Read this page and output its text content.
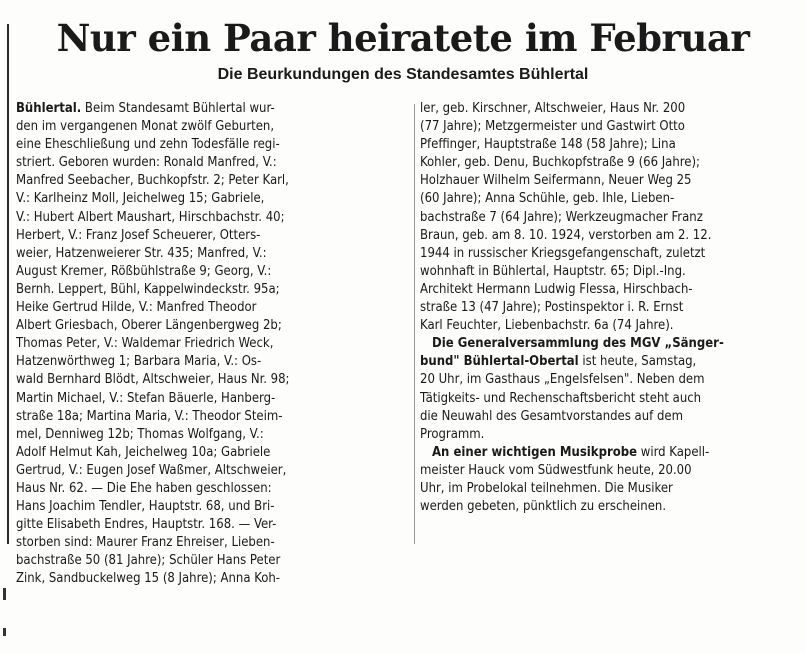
Nur ein Paar heiratete im Februar
Die Beurkundungen des Standesamtes Bühlertal
Bühlertal. Beim Standesamt Bühlertal wur-
den im vergangenen Monat zwölf Geburten,
eine Eheschließung und zehn Todesfälle regi-
striert. Geboren wurden: Ronald Manfred, V.:
Manfred Seebacher, Buchkopfstr. 2; Peter Karl,
V.: Karlheinz Moll, Jeichelweg 15; Gabriele,
V.: Hubert Albert Maushart, Hirschbachstr. 40;
Herbert, V.: Franz Josef Scheuerer, Otters-
weier, Hatzenweierer Str. 435; Manfred, V.:
August Kremer, Rößbühlstraße 9; Georg, V.:
Bernh. Leppert, Bühl, Kappelwindeckstr. 95a;
Heike Gertrud Hilde, V.: Manfred Theodor
Albert Griesbach, Oberer Längenbergweg 2b;
Thomas Peter, V.: Waldemar Friedrich Weck,
Hatzenwörthweg 1; Barbara Maria, V.: Os-
wald Bernhard Blödt, Altschweier, Haus Nr. 98;
Martin Michael, V.: Stefan Bäuerle, Hanberg-
straße 18a; Martina Maria, V.: Theodor Steim-
mel, Denniweg 12b; Thomas Wolfgang, V.:
Adolf Helmut Kah, Jeichelweg 10a; Gabriele
Gertrud, V.: Eugen Josef Waßmer, Altschweier,
Haus Nr. 62. — Die Ehe haben geschlossen:
Hans Joachim Tendler, Hauptstr. 68, und Bri-
gitte Elisabeth Endres, Hauptstr. 168. — Ver-
storben sind: Maurer Franz Ehreiser, Lieben-
bachstraße 50 (81 Jahre); Schüler Hans Peter
Zink, Sandbuckelweg 15 (8 Jahre); Anna Koh-
ler, geb. Kirschner, Altschweier, Haus Nr. 200
(77 Jahre); Metzgermeister und Gastwirt Otto
Pfeffinger, Hauptstraße 148 (58 Jahre); Lina
Kohler, geb. Denu, Buchkopfstraße 9 (66 Jahre);
Holzhauer Wilhelm Seifermann, Neuer Weg 25
(60 Jahre); Anna Schühle, geb. Ihle, Lieben-
bachstraße 7 (64 Jahre); Werkzeugmacher Franz
Braun, geb. am 8. 10. 1924, verstorben am 2. 12.
1944 in russischer Kriegsgefangenschaft, zuletzt
wohnhaft in Bühlertal, Hauptstr. 65; Dipl.-Ing.
Architekt Hermann Ludwig Flessa, Hirschbach-
straße 13 (47 Jahre); Postinspektor i. R. Ernst
Karl Feuchter, Liebenbachstr. 6a (74 Jahre).
Die Generalversammlung des MGV „Sänger-
bund" Bühlertal-Obertal ist heute, Samstag,
20 Uhr, im Gasthaus „Engelsfelsen". Neben dem
Tätigkeits- und Rechenschaftsbericht steht auch
die Neuwahl des Gesamtvorstandes auf dem
Programm.
An einer wichtigen Musikprobe wird Kapell-
meister Hauck vom Südwestfunk heute, 20.00
Uhr, im Probelokal teilnehmen. Die Musiker
werden gebeten, pünktlich zu erscheinen.
